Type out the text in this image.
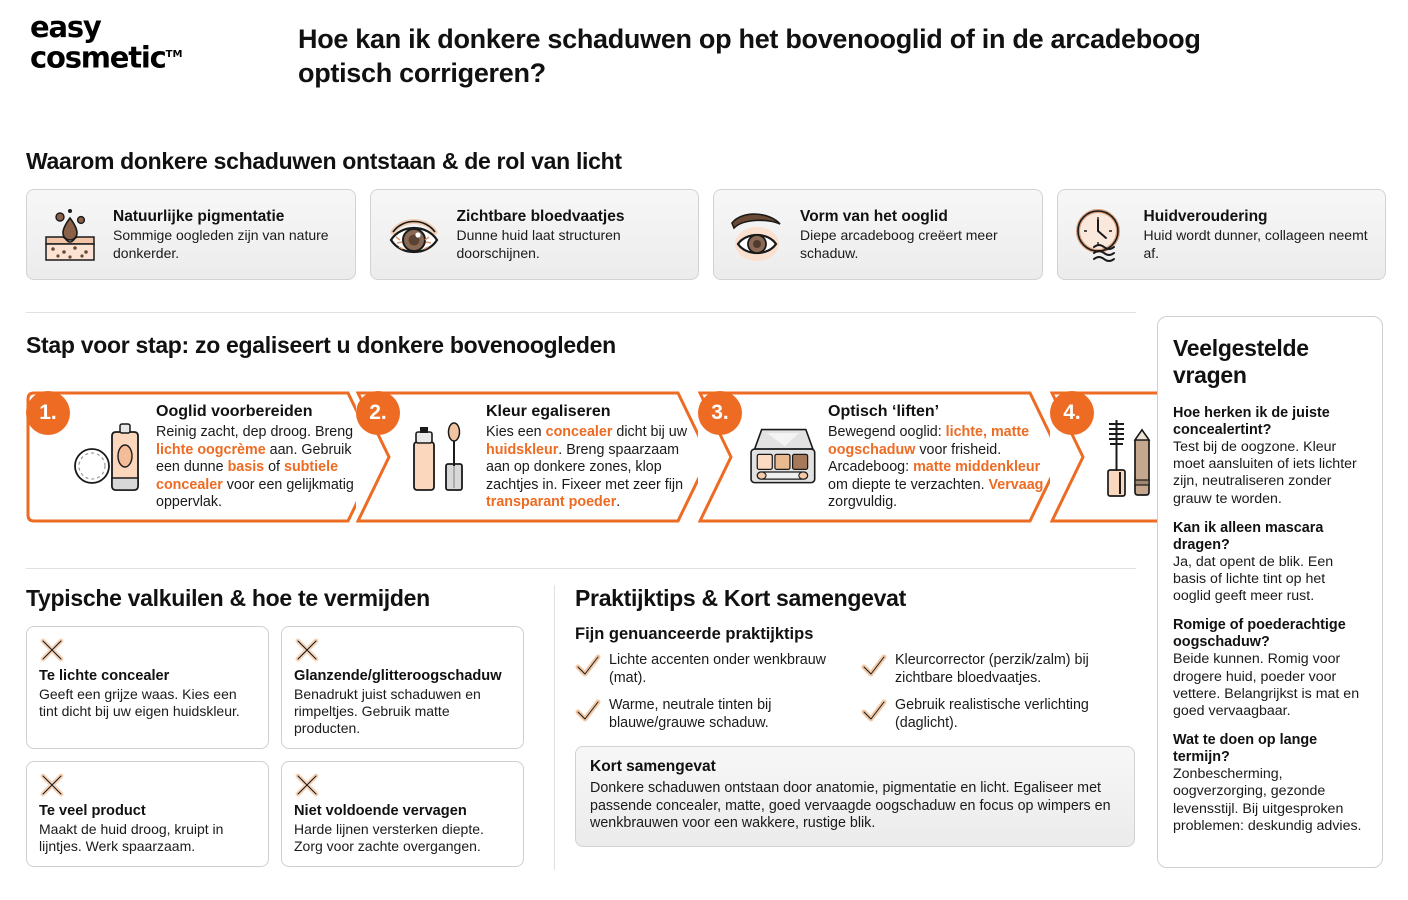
easy
cosmetic™
Hoe kan ik donkere schaduwen op het bovenooglid of in de arcadeboog optisch corrigeren?
Waarom donkere schaduwen ontstaan & de rol van licht
Natuurlijke pigmentatie
Sommige oogleden zijn van nature donkerder.
Zichtbare bloedvaatjes
Dunne huid laat structuren doorschijnen.
Vorm van het ooglid
Diepe arcadeboog creëert meer schaduw.
Huidveroudering
Huid wordt dunner, collageen neemt af.
Stap voor stap: zo egaliseert u donkere bovenoogleden
Ooglid voorbereiden
Reinig zacht, dep droog. Breng lichte oogcrème aan. Gebruik een dunne basis of subtiele concealer voor een gelijkmatig oppervlak.
1.	Kleur egaliseren
Kies een concealer dicht bij uw huidskleur. Breng spaarzaam aan op donkere zones, klop zachtjes in. Fixeer met zeer fijn transparant poeder.
2.	Optisch ‘liften’
Bewegend ooglid: lichte, matte oogschaduw voor frisheid. Arcadeboog: matte middenkleur om diepte te verzachten. Vervaag zorgvuldig.
3.	4.
Typische valkuilen & hoe te vermijden
Te lichte concealer
Geeft een grijze waas. Kies een tint dicht bij uw eigen huidskleur.
Glanzende/glitteroogschaduw
Benadrukt juist schaduwen en rimpeltjes. Gebruik matte producten.
Te veel product
Maakt de huid droog, kruipt in lijntjes. Werk spaarzaam.
Niet voldoende vervagen
Harde lijnen versterken diepte. Zorg voor zachte overgangen.
Praktijktips & Kort samengevat
Fijn genuanceerde praktijktips
Lichte accenten onder wenkbrauw (mat).
Warme, neutrale tinten bij blauwe/grauwe schaduw.
Kleurcorrector (perzik/zalm) bij zichtbare bloedvaatjes.
Gebruik realistische verlichting (daglicht).
Kort samengevat
Donkere schaduwen ontstaan door anatomie, pigmentatie en licht. Egaliseer met passende concealer, matte, goed vervaagde oogschaduw en focus op wimpers en wenkbrauwen voor een wakkere, rustige blik.
Veelgestelde vragen
Hoe herken ik de juiste concealertint?
Test bij de oogzone. Kleur moet aansluiten of iets lichter zijn, neutraliseren zonder grauw te worden.
Kan ik alleen mascara dragen?
Ja, dat opent de blik. Een basis of lichte tint op het ooglid geeft meer rust.
Romige of poederachtige oogschaduw?
Beide kunnen. Romig voor drogere huid, poeder voor vettere. Belangrijkst is mat en goed vervaagbaar.
Wat te doen op lange termijn?
Zonbescherming, oogverzorging, gezonde levensstijl. Bij uitgesproken problemen: deskundig advies.
